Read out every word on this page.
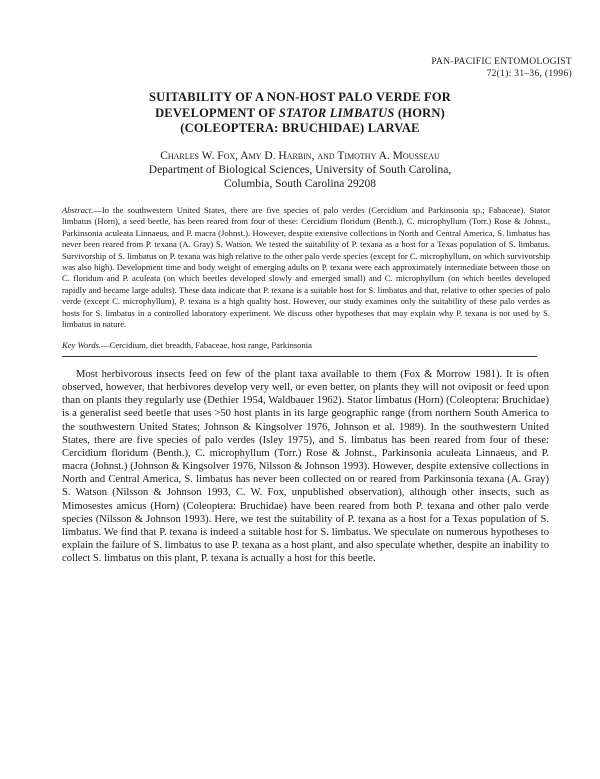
PAN-PACIFIC ENTOMOLOGIST
72(1): 31–36, (1996)
SUITABILITY OF A NON-HOST PALO VERDE FOR
DEVELOPMENT OF STATOR LIMBATUS (HORN)
(COLEOPTERA: BRUCHIDAE) LARVAE
Charles W. Fox, Amy D. Harbin, and Timothy A. Mousseau
Department of Biological Sciences, University of South Carolina,
Columbia, South Carolina 29208

Abstract.—In the southwestern United States, there are five species of palo verdes (Cercidium and Parkinsonia sp.; Fabaceae). Stator limbatus (Horn), a seed beetle, has been reared from four of these: Cercidium floridum (Benth.), C. microphyllum (Torr.) Rose & Johnst., Parkinsonia aculeata Linnaeus, and P. macra (Johnst.). However, despite extensive collections in North and Central America, S. limbatus has never been reared from P. texana (A. Gray) S. Watson. We tested the suitability of P. texana as a host for a Texas population of S. limbatus. Survivorship of S. limbatus on P. texana was high relative to the other palo verde species (except for C. microphyllum, on which survivorship was also high). Development time and body weight of emerging adults on P. texana were each approximately intermediate between those on C. floridum and P. aculeata (on which beetles developed slowly and emerged small) and C. microphyllum (on which beetles developed rapidly and became large adults). These data indicate that P. texana is a suitable host for S. limbatus and that, relative to other species of palo verde (except C. microphyllum), P. texana is a high quality host. However, our study examines only the suitability of these palo verdes as hosts for S. limbatus in a controlled laboratory experiment. We discuss other hypotheses that may explain why P. texana is not used by S. limbatus in nature.

Key Words.—Cercidium, diet breadth, Fabaceae, host range, Parkinsonia

Most herbivorous insects feed on few of the plant taxa available to them (Fox & Morrow 1981). It is often observed, however, that herbivores develop very well, or even better, on plants they will not oviposit or feed upon than on plants they regularly use (Dethier 1954, Waldbauer 1962). Stator limbatus (Horn) (Coleoptera: Bruchidae) is a generalist seed beetle that uses >50 host plants in its large geographic range (from northern South America to the southwestern United States; Johnson & Kingsolver 1976, Johnson et al. 1989). In the southwestern United States, there are five species of palo verdes (Isley 1975), and S. limbatus has been reared from four of these: Cercidium floridum (Benth.), C. microphyllum (Torr.) Rose & Johnst., Parkinsonia aculeata Linnaeus, and P. macra (Johnst.) (Johnson & Kingsolver 1976, Nilsson & Johnson 1993). However, despite extensive collections in North and Central America, S. limbatus has never been collected on or reared from Parkinsonia texana (A. Gray) S. Watson (Nilsson & Johnson 1993, C. W. Fox, unpublished observation), although other insects, such as Mimosestes amicus (Horn) (Coleoptera: Bruchidae) have been reared from both P. texana and other palo verde species (Nilsson & Johnson 1993). Here, we test the suitability of P. texana as a host for a Texas population of S. limbatus. We find that P. texana is indeed a suitable host for S. limbatus. We speculate on numerous hypotheses to explain the failure of S. limbatus to use P. texana as a host plant, and also speculate whether, despite an inability to collect S. limbatus on this plant, P. texana is actually a host for this beetle.
